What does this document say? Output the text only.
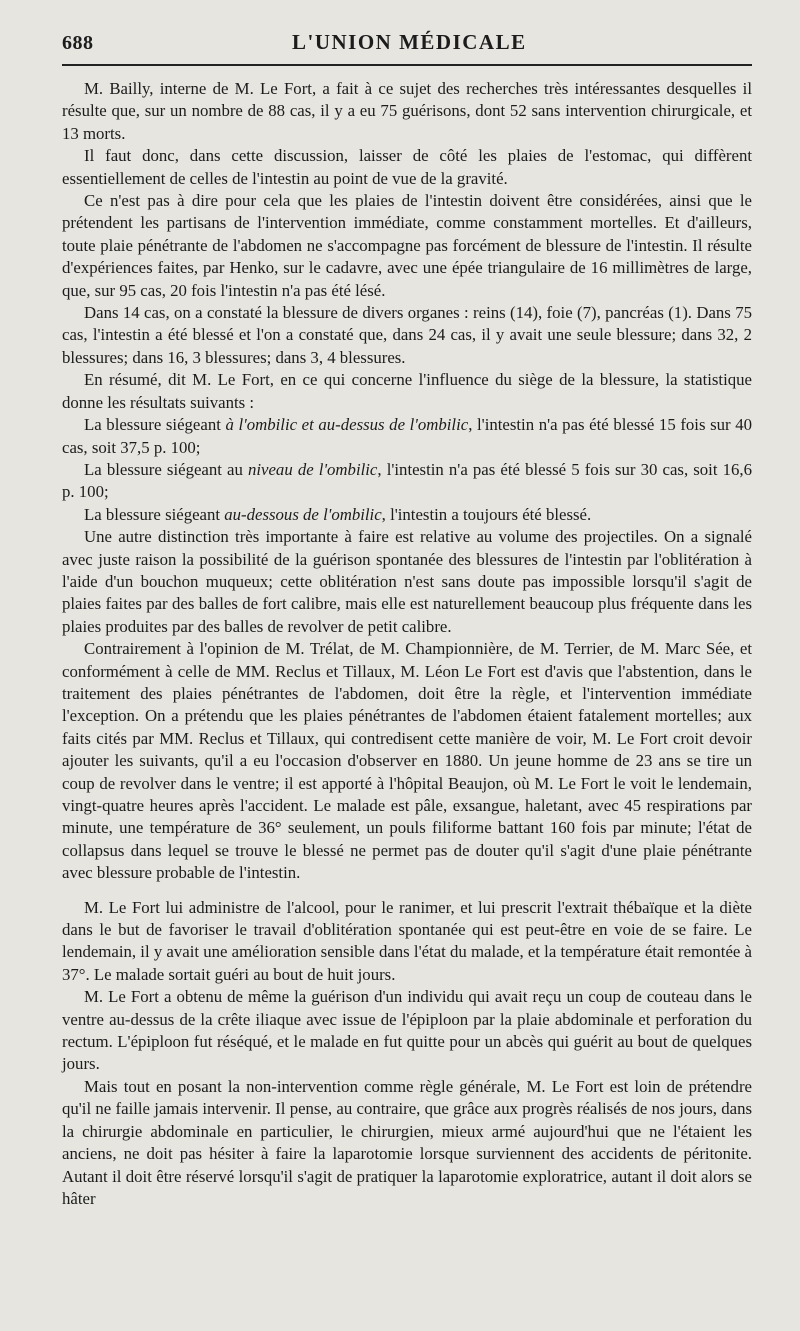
688	L'UNION MÉDICALE

M. Bailly, interne de M. Le Fort, a fait à ce sujet des recherches très intéressantes desquelles il résulte que, sur un nombre de 88 cas, il y a eu 75 guérisons, dont 52 sans intervention chirurgicale, et 13 morts.

Il faut donc, dans cette discussion, laisser de côté les plaies de l'estomac, qui diffèrent essentiellement de celles de l'intestin au point de vue de la gravité.

Ce n'est pas à dire pour cela que les plaies de l'intestin doivent être considérées, ainsi que le prétendent les partisans de l'intervention immédiate, comme constamment mortelles. Et d'ailleurs, toute plaie pénétrante de l'abdomen ne s'accompagne pas forcément de blessure de l'intestin. Il résulte d'expériences faites, par Henko, sur le cadavre, avec une épée triangulaire de 16 millimètres de large, que, sur 95 cas, 20 fois l'intestin n'a pas été lésé.

Dans 14 cas, on a constaté la blessure de divers organes : reins (14), foie (7), pancréas (1). Dans 75 cas, l'intestin a été blessé et l'on a constaté que, dans 24 cas, il y avait une seule blessure; dans 32, 2 blessures; dans 16, 3 blessures; dans 3, 4 blessures.

En résumé, dit M. Le Fort, en ce qui concerne l'influence du siège de la blessure, la statistique donne les résultats suivants :

La blessure siégeant à l'ombilic et au-dessus de l'ombilic, l'intestin n'a pas été blessé 15 fois sur 40 cas, soit 37,5 p. 100;

La blessure siégeant au niveau de l'ombilic, l'intestin n'a pas été blessé 5 fois sur 30 cas, soit 16,6 p. 100;

La blessure siégeant au-dessous de l'ombilic, l'intestin a toujours été blessé.

Une autre distinction très importante à faire est relative au volume des projectiles. On a signalé avec juste raison la possibilité de la guérison spontanée des blessures de l'intestin par l'oblitération à l'aide d'un bouchon muqueux; cette oblitération n'est sans doute pas impossible lorsqu'il s'agit de plaies faites par des balles de fort calibre, mais elle est naturellement beaucoup plus fréquente dans les plaies produites par des balles de revolver de petit calibre.

Contrairement à l'opinion de M. Trélat, de M. Championnière, de M. Terrier, de M. Marc Sée, et conformément à celle de MM. Reclus et Tillaux, M. Léon Le Fort est d'avis que l'abstention, dans le traitement des plaies pénétrantes de l'abdomen, doit être la règle, et l'intervention immédiate l'exception. On a prétendu que les plaies pénétrantes de l'abdomen étaient fatalement mortelles; aux faits cités par MM. Reclus et Tillaux, qui contredisent cette manière de voir, M. Le Fort croit devoir ajouter les suivants, qu'il a eu l'occasion d'observer en 1880. Un jeune homme de 23 ans se tire un coup de revolver dans le ventre; il est apporté à l'hôpital Beaujon, où M. Le Fort le voit le lendemain, vingt-quatre heures après l'accident. Le malade est pâle, exsangue, haletant, avec 45 respirations par minute, une température de 36° seulement, un pouls filiforme battant 160 fois par minute; l'état de collapsus dans lequel se trouve le blessé ne permet pas de douter qu'il s'agit d'une plaie pénétrante avec blessure probable de l'intestin.

M. Le Fort lui administre de l'alcool, pour le ranimer, et lui prescrit l'extrait thébaïque et la diète dans le but de favoriser le travail d'oblitération spontanée qui est peut-être en voie de se faire. Le lendemain, il y avait une amélioration sensible dans l'état du malade, et la température était remontée à 37°. Le malade sortait guéri au bout de huit jours.

M. Le Fort a obtenu de même la guérison d'un individu qui avait reçu un coup de couteau dans le ventre au-dessus de la crête iliaque avec issue de l'épiploon par la plaie abdominale et perforation du rectum. L'épiploon fut réséqué, et le malade en fut quitte pour un abcès qui guérit au bout de quelques jours.

Mais tout en posant la non-intervention comme règle générale, M. Le Fort est loin de prétendre qu'il ne faille jamais intervenir. Il pense, au contraire, que grâce aux progrès réalisés de nos jours, dans la chirurgie abdominale en particulier, le chirurgien, mieux armé aujourd'hui que ne l'étaient les anciens, ne doit pas hésiter à faire la laparotomie lorsque surviennent des accidents de péritonite. Autant il doit être réservé lorsqu'il s'agit de pratiquer la laparotomie exploratrice, autant il doit alors se hâter
